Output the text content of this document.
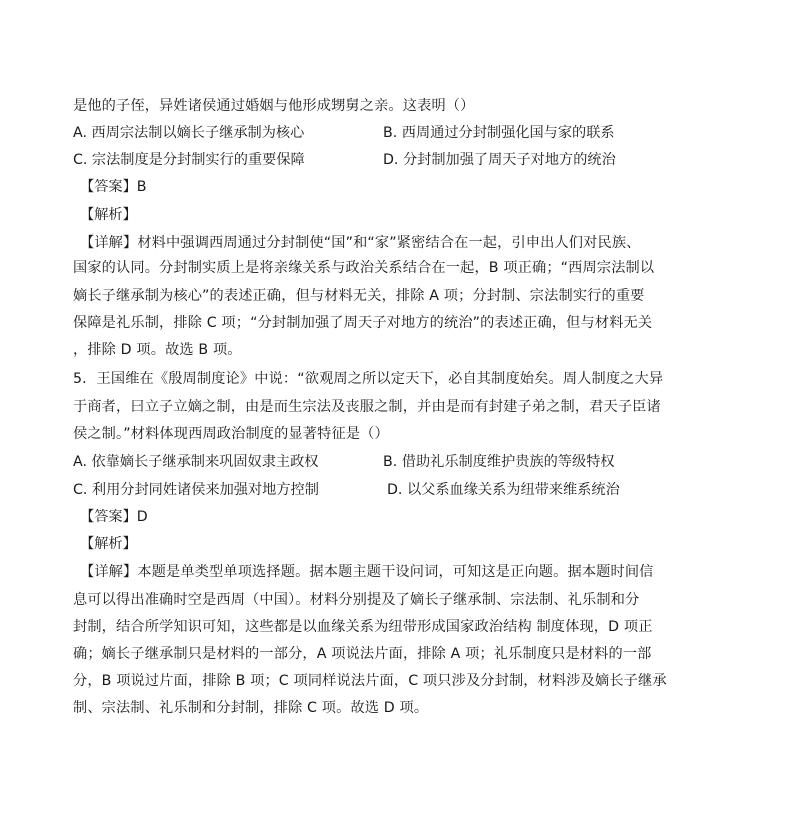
是他的子侄，异姓诸侯通过婚姻与他形成甥舅之亲。这表明（）
A. 西周宗法制以嫡长子继承制为核心	B. 西周通过分封制强化国与家的联系
C. 宗法制度是分封制实行的重要保障	D. 分封制加强了周天子对地方的统治
【答案】B
【解析】
【详解】材料中强调西周通过分封制使“国”和“家”紧密结合在一起，引申出人们对民族、
国家的认同。分封制实质上是将亲缘关系与政治关系结合在一起，B 项正确；“西周宗法制以
嫡长子继承制为核心”的表述正确，但与材料无关，排除 A 项；分封制、宗法制实行的重要
保障是礼乐制，排除 C 项；“分封制加强了周天子对地方的统治”的表述正确，但与材料无关
，排除 D 项。故选 B 项。
5．王国维在《殷周制度论》中说：“欲观周之所以定天下，必自其制度始矣。周人制度之大异
于商者，曰立子立嫡之制，由是而生宗法及丧服之制，并由是而有封建子弟之制，君天子臣诸
侯之制。”材料体现西周政治制度的显著特征是（）
A. 依靠嫡长子继承制来巩固奴隶主政权	B. 借助礼乐制度维护贵族的等级特权
C. 利用分封同姓诸侯来加强对地方控制	D. 以父系血缘关系为纽带来维系统治
【答案】D
【解析】
【详解】本题是单类型单项选择题。据本题主题干设问词，可知这是正向题。据本题时间信
息可以得出准确时空是西周（中国）。材料分别提及了嫡长子继承制、宗法制、礼乐制和分
封制，结合所学知识可知，这些都是以血缘关系为纽带形成国家政治结构 制度体现，D 项正
确；嫡长子继承制只是材料的一部分，A 项说法片面，排除 A 项；礼乐制度只是材料的一部
分，B 项说过片面，排除 B 项；C 项同样说法片面，C 项只涉及分封制，材料涉及嫡长子继承
制、宗法制、礼乐制和分封制，排除 C 项。故选 D 项。
